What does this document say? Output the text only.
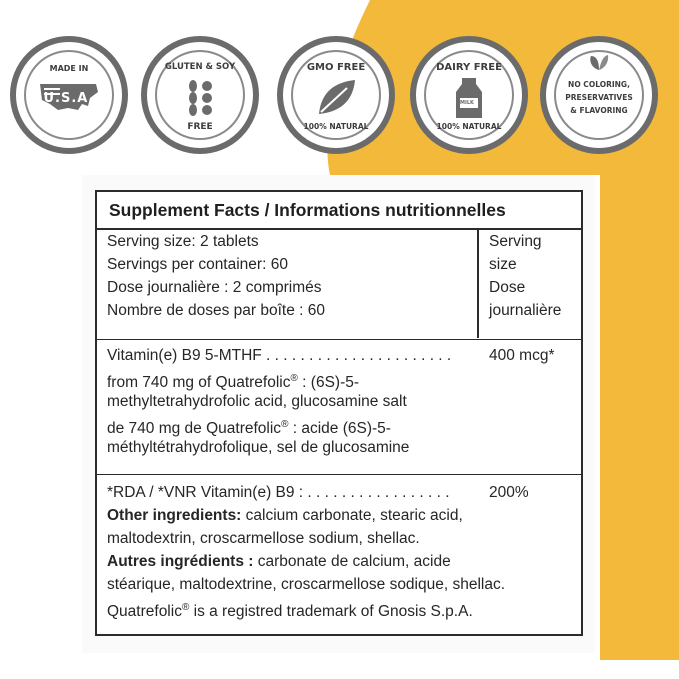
MADE IN
U.S.A.
GLUTEN & SOY
FREE
GMO FREE
100% NATURAL
DAIRY FREE
MILK
100% NATURAL
NO COLORING,
PRESERVATIVES
& FLAVORING
Supplement Facts / Informations nutritionnelles
Serving size: 2 tablets
Servings per container: 60
Dose journalière : 2 comprimés
Nombre de doses par boîte : 60
Serving
size
Dose
journalière
Vitamin(e) B9 5-MTHF . . . . . . . . . . . . . . . . . . . . . . 400 mcg*
from 740 mg of Quatrefolic® : (6S)-5-
methyltetrahydrofolic acid, glucosamine salt
de 740 mg de Quatrefolic® : acide (6S)-5-
méthyltétrahydrofolique, sel de glucosamine
*RDA / *VNR Vitamin(e) B9 : . . . . . . . . . . . . . . . . .	200%
Other ingredients: calcium carbonate, stearic acid,
maltodextrin, croscarmellose sodium, shellac.
Autres ingrédients : carbonate de calcium, acide
stéarique, maltodextrine, croscarmellose sodique, shellac.
Quatrefolic® is a registred trademark of Gnosis S.p.A.
